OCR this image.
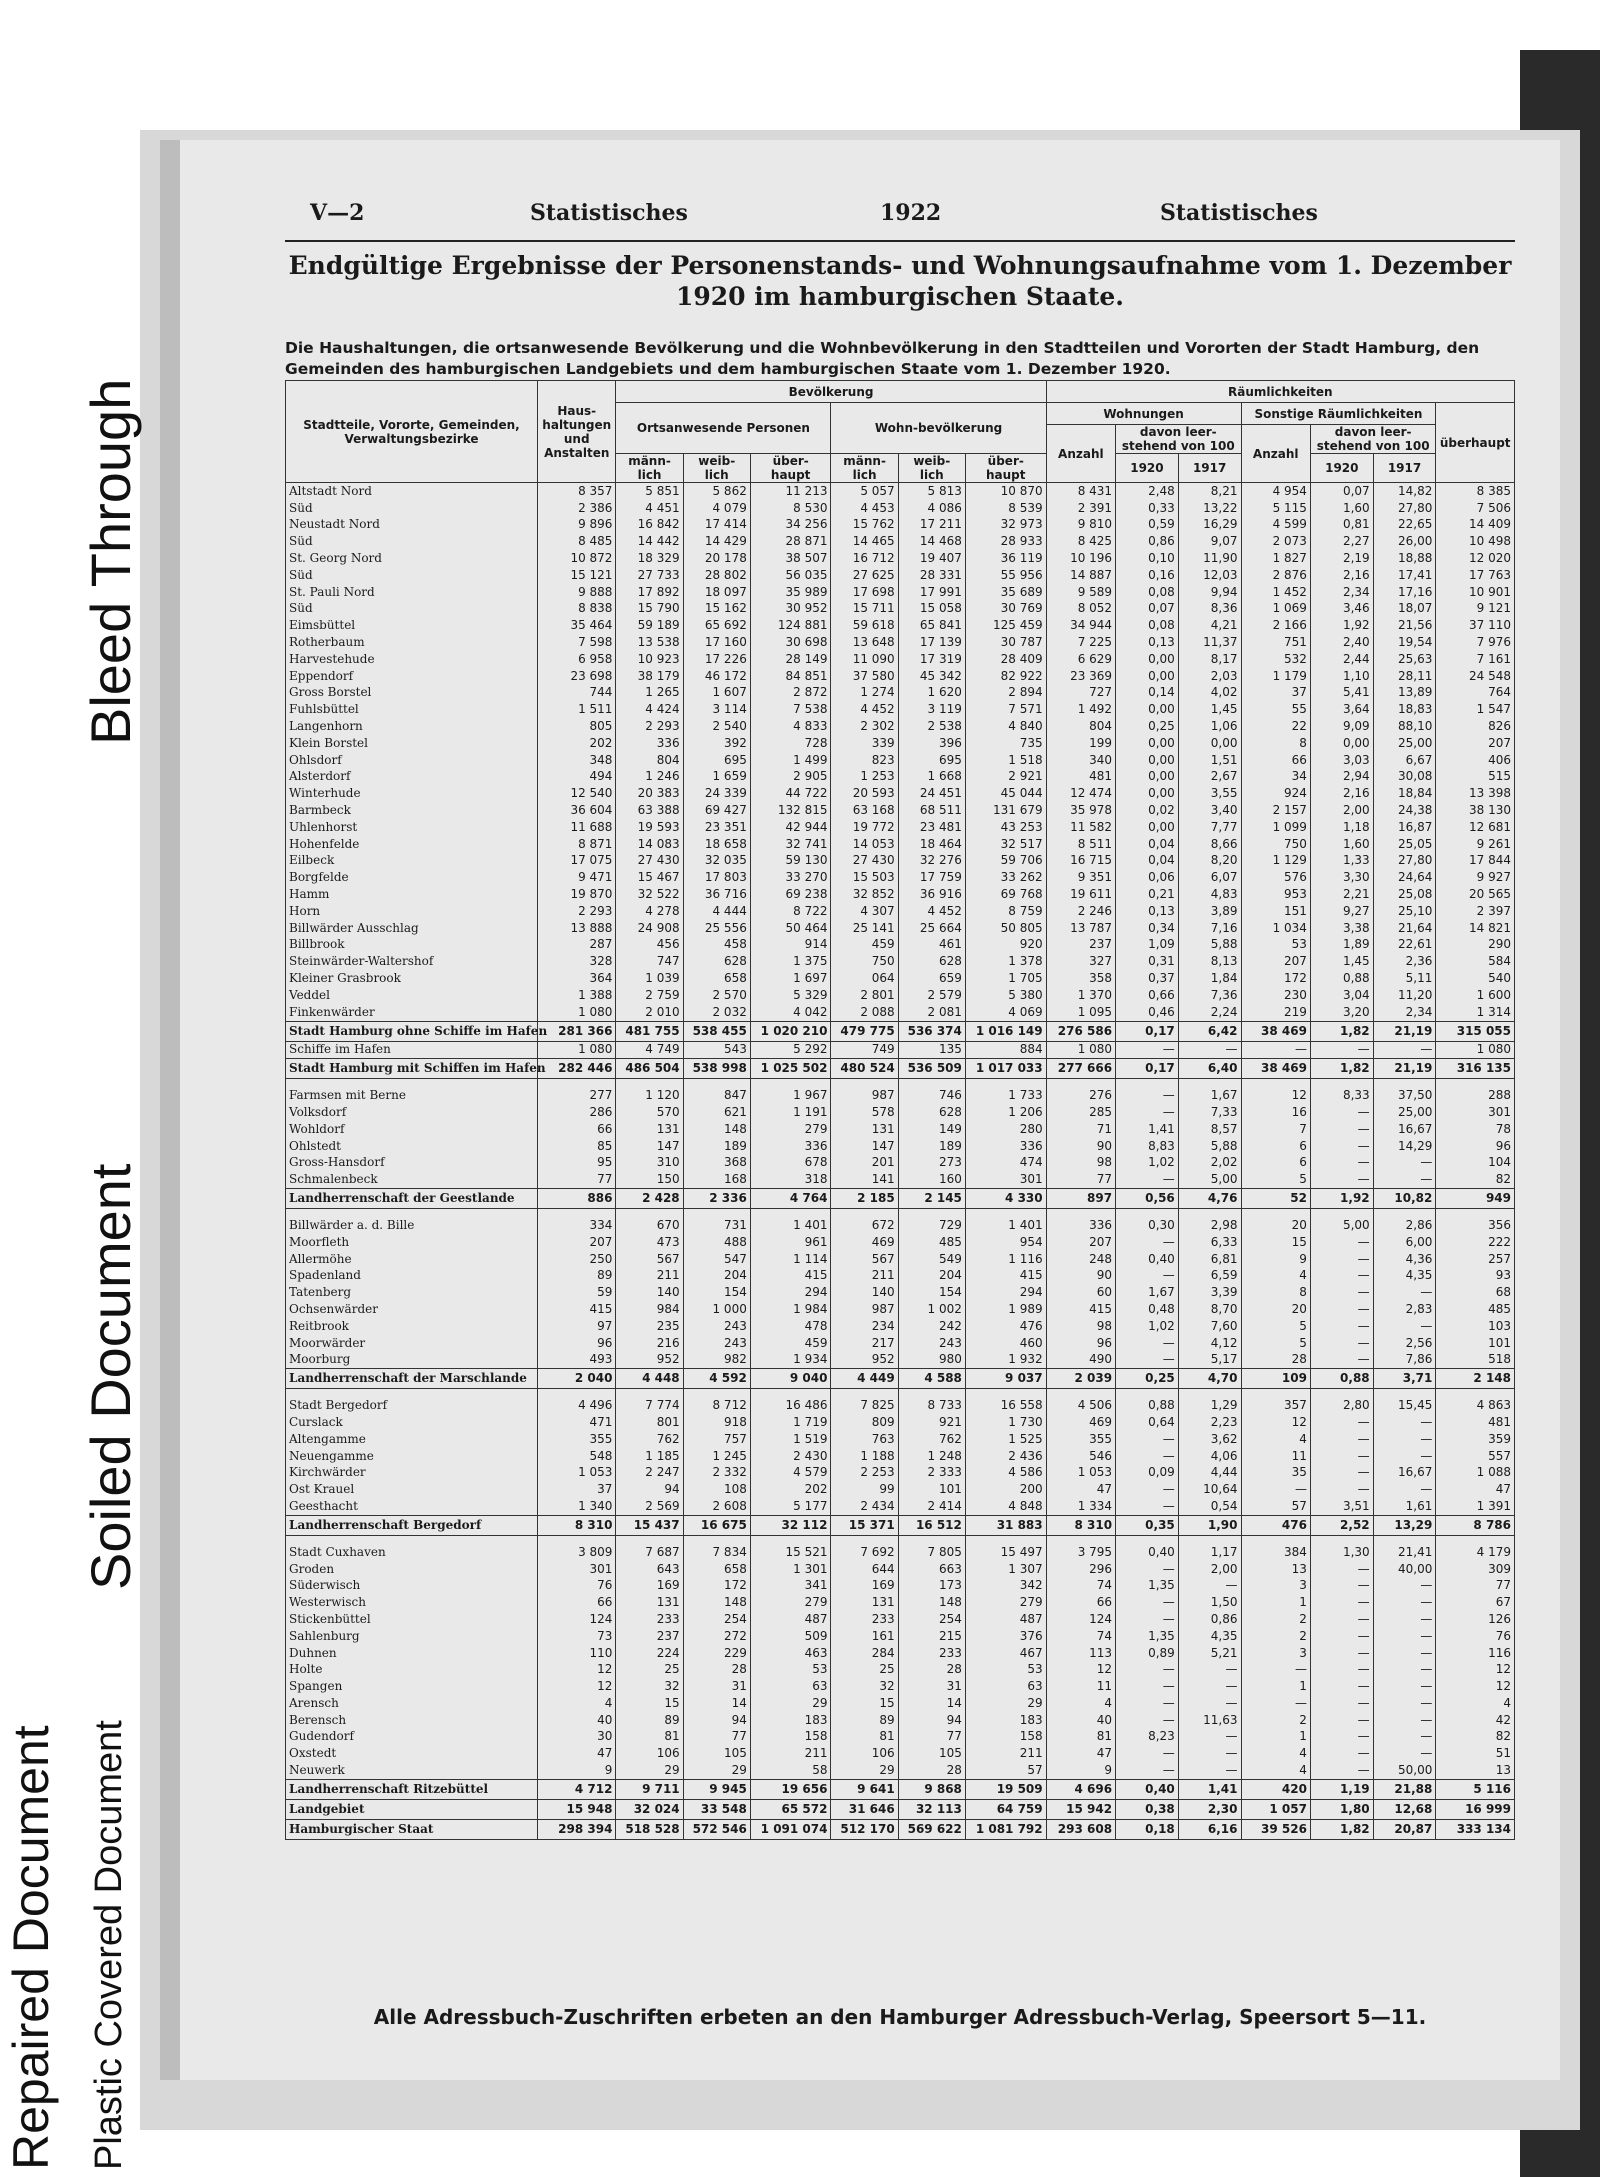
Bleed Through
Soiled Document
Repaired Document Plastic Covered Document
V—2	Statistisches	1922	Statistisches
Endgültige Ergebnisse der Personenstands- und Wohnungsaufnahme vom 1. Dezember 1920 im hamburgischen Staate.
Die Haushaltungen, die ortsanwesende Bevölkerung und die Wohnbevölkerung in den Stadtteilen und Vororten der Stadt Hamburg, den Gemeinden des hamburgischen Landgebiets und dem hamburgischen Staate vom 1. Dezember 1920.
Stadtteile, Vororte, Gemeinden, Verwaltungsbezirke	Haus-haltungen und Anstalten	Bevölkerung						Räumlichkeiten						
		Ortsanwesende Personen			Wohn-bevölkerung			Wohnungen			Sonstige Räumlichkeiten			überhaupt
								Anzahl	davon leer-stehend von 100		Anzahl	davon leer-stehend von 100		
		männ-lich	weib-lich	über-haupt	männ-lich	weib-lich	über-haupt		1920	1917		1920	1917	
Altstadt Nord	8 357	5 851	5 862	11 213	5 057	5 813	10 870	8 431	2,48	8,21	4 954	0,07	14,82	8 385
Süd	2 386	4 451	4 079	8 530	4 453	4 086	8 539	2 391	0,33	13,22	5 115	1,60	27,80	7 506
Neustadt Nord	9 896	16 842	17 414	34 256	15 762	17 211	32 973	9 810	0,59	16,29	4 599	0,81	22,65	14 409
Süd	8 485	14 442	14 429	28 871	14 465	14 468	28 933	8 425	0,86	9,07	2 073	2,27	26,00	10 498
St. Georg Nord	10 872	18 329	20 178	38 507	16 712	19 407	36 119	10 196	0,10	11,90	1 827	2,19	18,88	12 020
Süd	15 121	27 733	28 802	56 035	27 625	28 331	55 956	14 887	0,16	12,03	2 876	2,16	17,41	17 763
St. Pauli Nord	9 888	17 892	18 097	35 989	17 698	17 991	35 689	9 589	0,08	9,94	1 452	2,34	17,16	10 901
Süd	8 838	15 790	15 162	30 952	15 711	15 058	30 769	8 052	0,07	8,36	1 069	3,46	18,07	9 121
Eimsbüttel	35 464	59 189	65 692	124 881	59 618	65 841	125 459	34 944	0,08	4,21	2 166	1,92	21,56	37 110
Rotherbaum	7 598	13 538	17 160	30 698	13 648	17 139	30 787	7 225	0,13	11,37	751	2,40	19,54	7 976
Harvestehude	6 958	10 923	17 226	28 149	11 090	17 319	28 409	6 629	0,00	8,17	532	2,44	25,63	7 161
Eppendorf	23 698	38 179	46 172	84 851	37 580	45 342	82 922	23 369	0,00	2,03	1 179	1,10	28,11	24 548
Gross Borstel	744	1 265	1 607	2 872	1 274	1 620	2 894	727	0,14	4,02	37	5,41	13,89	764
Fuhlsbüttel	1 511	4 424	3 114	7 538	4 452	3 119	7 571	1 492	0,00	1,45	55	3,64	18,83	1 547
Langenhorn	805	2 293	2 540	4 833	2 302	2 538	4 840	804	0,25	1,06	22	9,09	88,10	826
Klein Borstel	202	336	392	728	339	396	735	199	0,00	0,00	8	0,00	25,00	207
Ohlsdorf	348	804	695	1 499	823	695	1 518	340	0,00	1,51	66	3,03	6,67	406
Alsterdorf	494	1 246	1 659	2 905	1 253	1 668	2 921	481	0,00	2,67	34	2,94	30,08	515
Winterhude	12 540	20 383	24 339	44 722	20 593	24 451	45 044	12 474	0,00	3,55	924	2,16	18,84	13 398
Barmbeck	36 604	63 388	69 427	132 815	63 168	68 511	131 679	35 978	0,02	3,40	2 157	2,00	24,38	38 130
Uhlenhorst	11 688	19 593	23 351	42 944	19 772	23 481	43 253	11 582	0,00	7,77	1 099	1,18	16,87	12 681
Hohenfelde	8 871	14 083	18 658	32 741	14 053	18 464	32 517	8 511	0,04	8,66	750	1,60	25,05	9 261
Eilbeck	17 075	27 430	32 035	59 130	27 430	32 276	59 706	16 715	0,04	8,20	1 129	1,33	27,80	17 844
Borgfelde	9 471	15 467	17 803	33 270	15 503	17 759	33 262	9 351	0,06	6,07	576	3,30	24,64	9 927
Hamm	19 870	32 522	36 716	69 238	32 852	36 916	69 768	19 611	0,21	4,83	953	2,21	25,08	20 565
Horn	2 293	4 278	4 444	8 722	4 307	4 452	8 759	2 246	0,13	3,89	151	9,27	25,10	2 397
Billwärder Ausschlag	13 888	24 908	25 556	50 464	25 141	25 664	50 805	13 787	0,34	7,16	1 034	3,38	21,64	14 821
Billbrook	287	456	458	914	459	461	920	237	1,09	5,88	53	1,89	22,61	290
Steinwärder-Waltershof	328	747	628	1 375	750	628	1 378	327	0,31	8,13	207	1,45	2,36	584
Kleiner Grasbrook	364	1 039	658	1 697	064	659	1 705	358	0,37	1,84	172	0,88	5,11	540
Veddel	1 388	2 759	2 570	5 329	2 801	2 579	5 380	1 370	0,66	7,36	230	3,04	11,20	1 600
Finkenwärder	1 080	2 010	2 032	4 042	2 088	2 081	4 069	1 095	0,46	2,24	219	3,20	2,34	1 314
Stadt Hamburg ohne Schiffe im Hafen	281 366	481 755	538 455	1 020 210	479 775	536 374	1 016 149	276 586	0,17	6,42	38 469	1,82	21,19	315 055
Schiffe im Hafen	1 080	4 749	543	5 292	749	135	884	1 080	—	—	—	—	—	1 080
Stadt Hamburg mit Schiffen im Hafen	282 446	486 504	538 998	1 025 502	480 524	536 509	1 017 033	277 666	0,17	6,40	38 469	1,82	21,19	316 135

Farmsen mit Berne	277	1 120	847	1 967	987	746	1 733	276	—	1,67	12	8,33	37,50	288
Volksdorf	286	570	621	1 191	578	628	1 206	285	—	7,33	16	—	25,00	301
Wohldorf	66	131	148	279	131	149	280	71	1,41	8,57	7	—	16,67	78
Ohlstedt	85	147	189	336	147	189	336	90	8,83	5,88	6	—	14,29	96
Gross-Hansdorf	95	310	368	678	201	273	474	98	1,02	2,02	6	—	—	104
Schmalenbeck	77	150	168	318	141	160	301	77	—	5,00	5	—	—	82
Landherrenschaft der Geestlande	886	2 428	2 336	4 764	2 185	2 145	4 330	897	0,56	4,76	52	1,92	10,82	949

Billwärder a. d. Bille	334	670	731	1 401	672	729	1 401	336	0,30	2,98	20	5,00	2,86	356
Moorfleth	207	473	488	961	469	485	954	207	—	6,33	15	—	6,00	222
Allermöhe	250	567	547	1 114	567	549	1 116	248	0,40	6,81	9	—	4,36	257
Spadenland	89	211	204	415	211	204	415	90	—	6,59	4	—	4,35	93
Tatenberg	59	140	154	294	140	154	294	60	1,67	3,39	8	—	—	68
Ochsenwärder	415	984	1 000	1 984	987	1 002	1 989	415	0,48	8,70	20	—	2,83	485
Reitbrook	97	235	243	478	234	242	476	98	1,02	7,60	5	—	—	103
Moorwärder	96	216	243	459	217	243	460	96	—	4,12	5	—	2,56	101
Moorburg	493	952	982	1 934	952	980	1 932	490	—	5,17	28	—	7,86	518
Landherrenschaft der Marschlande	2 040	4 448	4 592	9 040	4 449	4 588	9 037	2 039	0,25	4,70	109	0,88	3,71	2 148

Stadt Bergedorf	4 496	7 774	8 712	16 486	7 825	8 733	16 558	4 506	0,88	1,29	357	2,80	15,45	4 863
Curslack	471	801	918	1 719	809	921	1 730	469	0,64	2,23	12	—	—	481
Altengamme	355	762	757	1 519	763	762	1 525	355	—	3,62	4	—	—	359
Neuengamme	548	1 185	1 245	2 430	1 188	1 248	2 436	546	—	4,06	11	—	—	557
Kirchwärder	1 053	2 247	2 332	4 579	2 253	2 333	4 586	1 053	0,09	4,44	35	—	16,67	1 088
Ost Krauel	37	94	108	202	99	101	200	47	—	10,64	—	—	—	47
Geesthacht	1 340	2 569	2 608	5 177	2 434	2 414	4 848	1 334	—	0,54	57	3,51	1,61	1 391
Landherrenschaft Bergedorf	8 310	15 437	16 675	32 112	15 371	16 512	31 883	8 310	0,35	1,90	476	2,52	13,29	8 786

Stadt Cuxhaven	3 809	7 687	7 834	15 521	7 692	7 805	15 497	3 795	0,40	1,17	384	1,30	21,41	4 179
Groden	301	643	658	1 301	644	663	1 307	296	—	2,00	13	—	40,00	309
Süderwisch	76	169	172	341	169	173	342	74	1,35	—	3	—	—	77
Westerwisch	66	131	148	279	131	148	279	66	—	1,50	1	—	—	67
Stickenbüttel	124	233	254	487	233	254	487	124	—	0,86	2	—	—	126
Sahlenburg	73	237	272	509	161	215	376	74	1,35	4,35	2	—	—	76
Duhnen	110	224	229	463	284	233	467	113	0,89	5,21	3	—	—	116
Holte	12	25	28	53	25	28	53	12	—	—	—	—	—	12
Spangen	12	32	31	63	32	31	63	11	—	—	1	—	—	12
Arensch	4	15	14	29	15	14	29	4	—	—	—	—	—	4
Berensch	40	89	94	183	89	94	183	40	—	11,63	2	—	—	42
Gudendorf	30	81	77	158	81	77	158	81	8,23	—	1	—	—	82
Oxstedt	47	106	105	211	106	105	211	47	—	—	4	—	—	51
Neuwerk	9	29	29	58	29	28	57	9	—	—	4	—	50,00	13
Landherrenschaft Ritzebüttel	4 712	9 711	9 945	19 656	9 641	9 868	19 509	4 696	0,40	1,41	420	1,19	21,88	5 116
Landgebiet	15 948	32 024	33 548	65 572	31 646	32 113	64 759	15 942	0,38	2,30	1 057	1,80	12,68	16 999
Hamburgischer Staat	298 394	518 528	572 546	1 091 074	512 170	569 622	1 081 792	293 608	0,18	6,16	39 526	1,82	20,87	333 134
Alle Adressbuch-Zuschriften erbeten an den Hamburger Adressbuch-Verlag, Speersort 5—11.
